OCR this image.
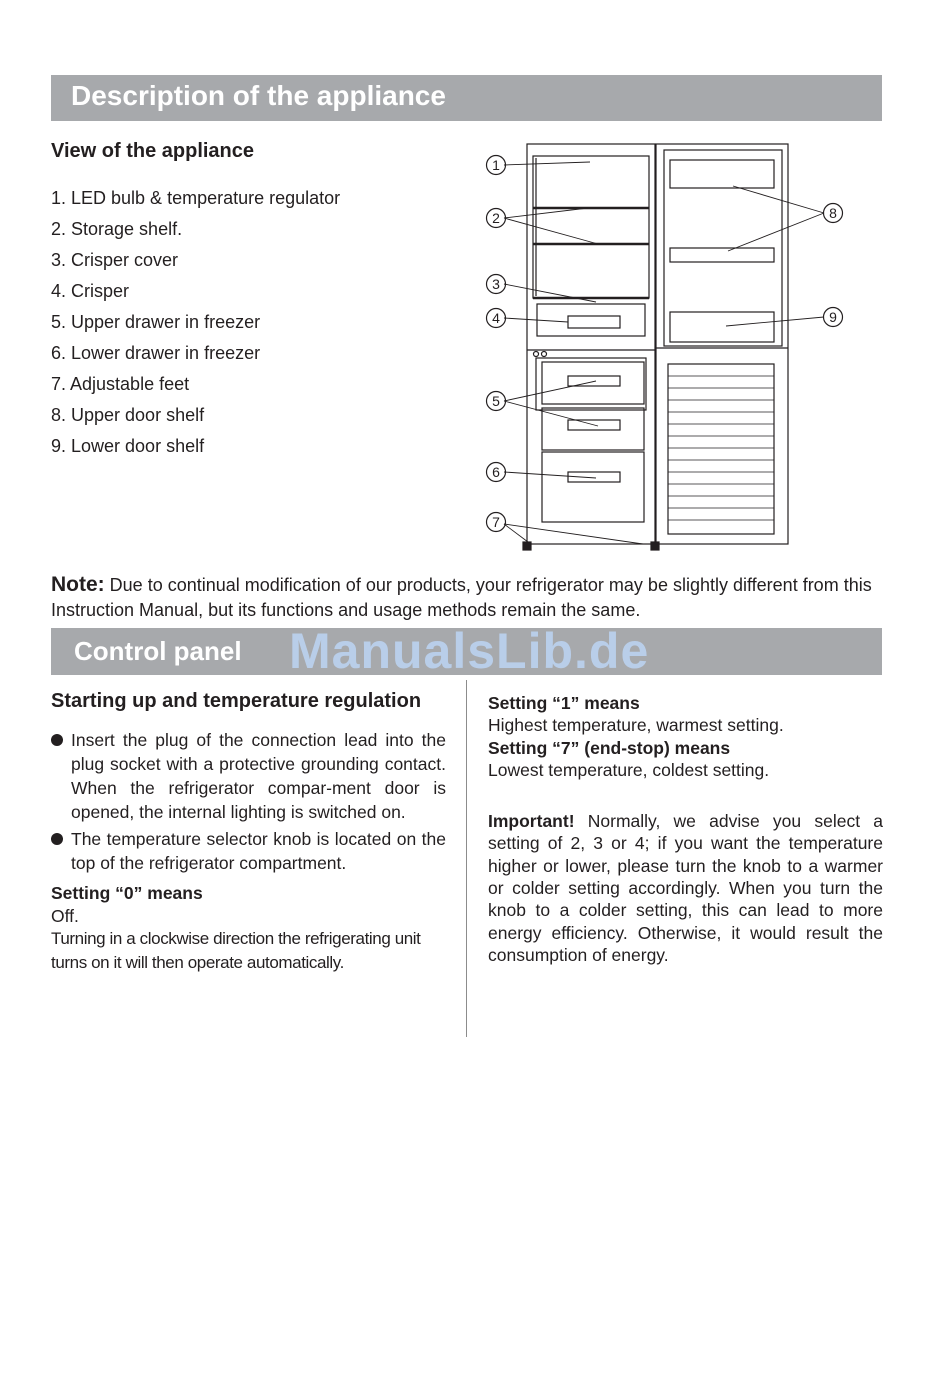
Description of the appliance
View of the appliance
1. LED bulb & temperature regulator
2. Storage shelf.
3. Crisper cover
4. Crisper
5. Upper drawer in freezer
6. Lower drawer in freezer
7. Adjustable feet
8. Upper door shelf
9. Lower door shelf
1
2
3
4
5
6
7
8
9
Note: Due to continual modification of our products, your refrigerator may be slightly different from this Instruction Manual, but its functions and usage methods remain the same.
Control panel ManualsLib.de
Starting up and temperature regulation
Insert the plug of the connection lead into the plug socket with a protective grounding contact. When the refrigerator compar-ment door is opened, the internal lighting is switched on.
The temperature selector knob is located on the top of the refrigerator compartment.
Setting “0” means
Off.
Turning in a clockwise direction the refrigerating unit turns on it will then operate automatically.
Setting “1” means
Highest temperature, warmest setting.
Setting “7” (end-stop) means
Lowest temperature, coldest setting.
Important! Normally, we advise you select a setting of 2, 3 or 4; if you want the temperature higher or lower, please turn the knob to a warmer or colder setting accordingly. When you turn the knob to a colder setting, this can lead to more energy efficiency. Otherwise, it would result the consumption of energy.
